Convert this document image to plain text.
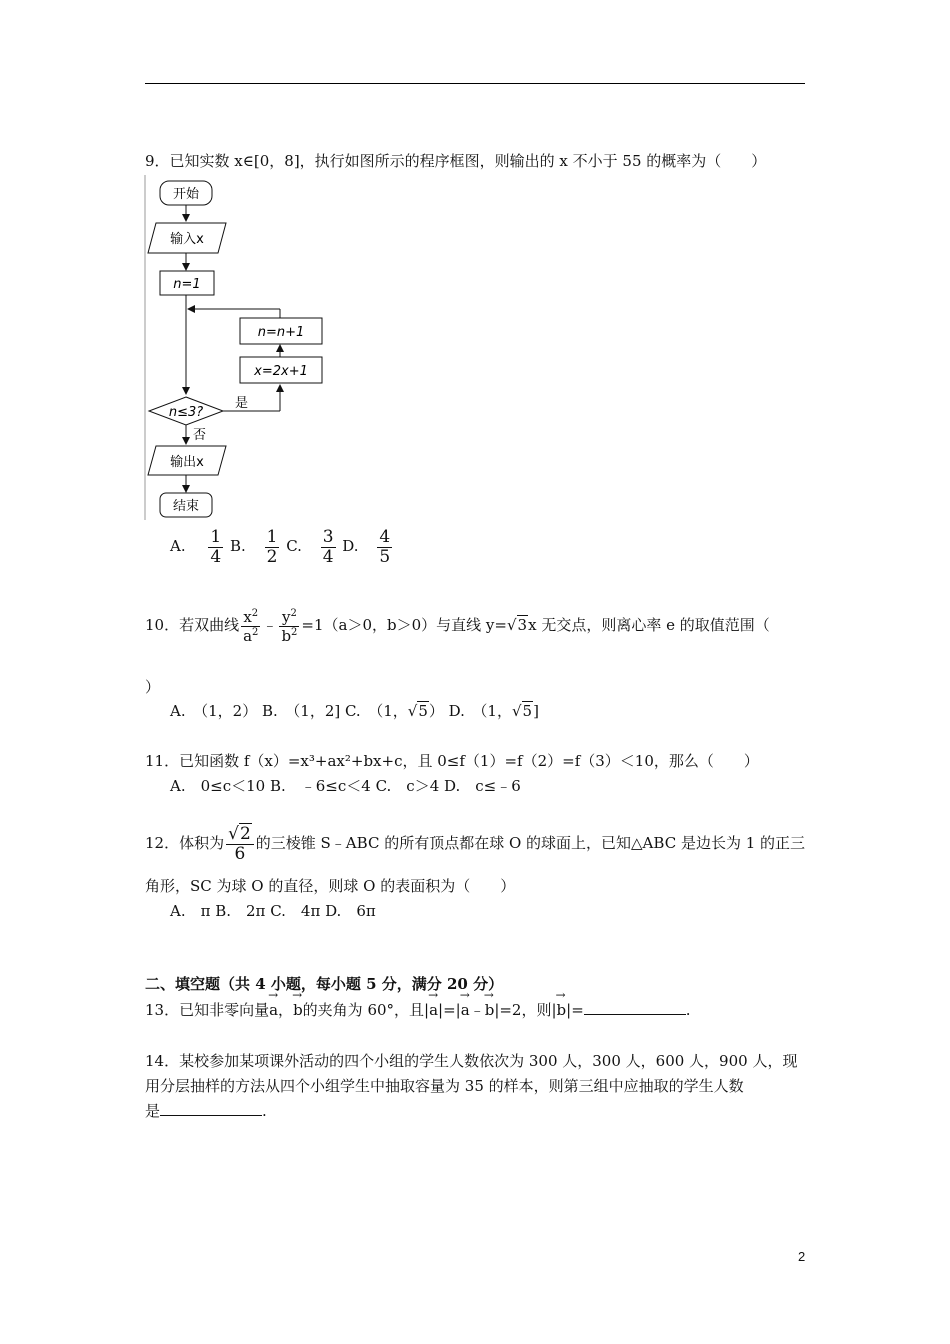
9．已知实数 x∈[0，8]，执行如图所示的程序框图，则输出的 x 不小于 55 的概率为（　　）
开始
输入x
n=1
n=n+1
x=2x+1
n≤3?
是
否
输出x
结束
A. $\frac{1}{4} B$. $\frac{1}{2} C$. $\frac{3}{4} D$. $\frac{4}{5}$
10．若双曲线 $\frac{x^2}{a^2}$ ﹣ $\frac{y^2}{b^2} =1(a>0$，b＞0）与直线 y=√3x 无交点，则离心率 e 的取值范围（
）
A.　（1，2） B.　（1，2] C.　（1，√5） D.　（1，√5]
11．已知函数 f（x）=x³+ax²+bx+c，且 0≤f（1）=f（2）=f（3）＜10，那么（　　）
A.　0≤c＜10 B.　﹣6≤c＜4 C.　c＞4 D.　c≤﹣6
12．体积为 $\frac{√2}{6}$ 的三棱锥 S﹣ABC 的所有顶点都在球 O 的球面上，已知△ABC 是边长为 1 的正三
角形，SC 为球 O 的直径，则球 O 的表面积为（　　）
A.　π B.　2π C.　4π D.　6π
二、填空题（共 4 小题，每小题 5 分，满分 20 分）
13．已知非零向量→ a，→ b的夹角为 60°，且|→ a|=|→ a﹣→ b|=2，则|→ b|=	.
14．某校参加某项课外活动的四个小组的学生人数依次为 300 人，300 人，600 人，900 人，现
用分层抽样的方法从四个小组学生中抽取容量为 35 的样本，则第三组中应抽取的学生人数
是	.
2
